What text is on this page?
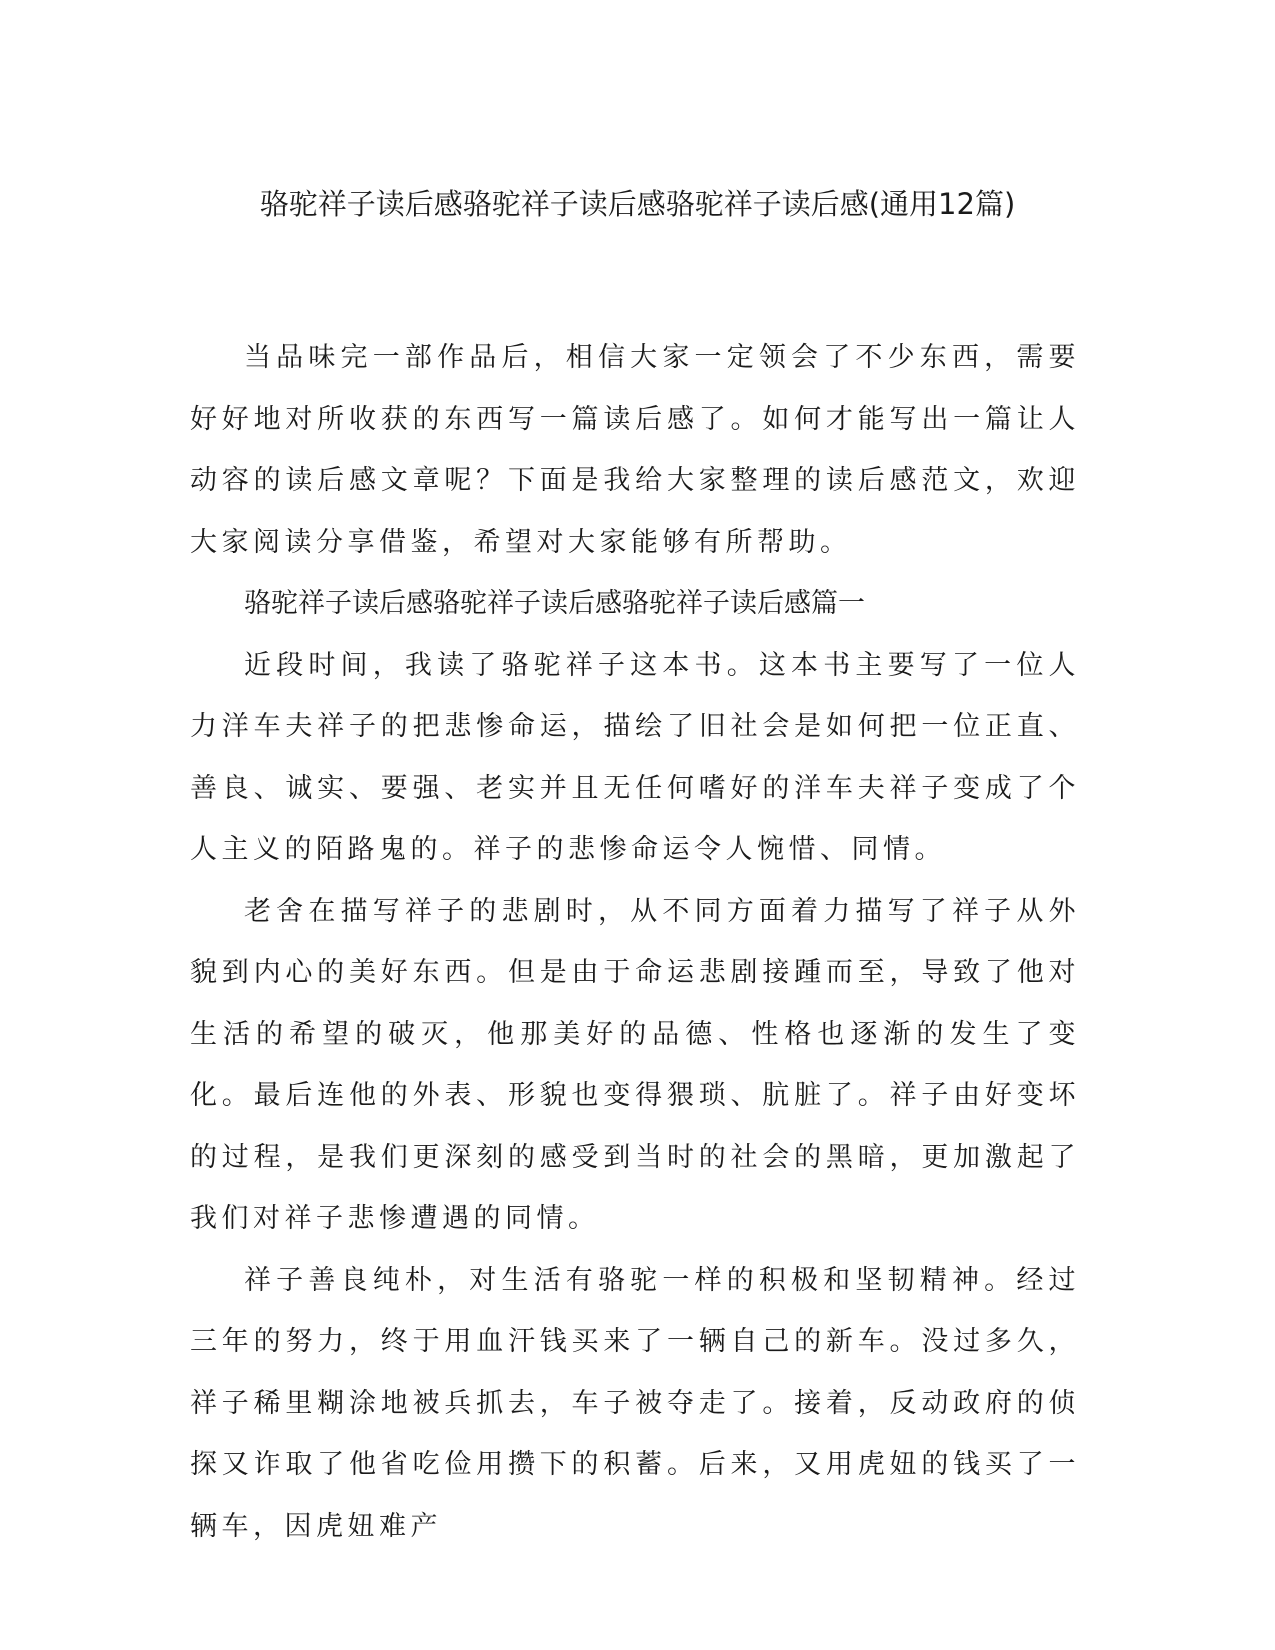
骆驼祥子读后感骆驼祥子读后感骆驼祥子读后感(通用12篇)

当品味完一部作品后，相信大家一定领会了不少东西，需要好好地对所收获的东西写一篇读后感了。如何才能写出一篇让人动容的读后感文章呢？下面是我给大家整理的读后感范文，欢迎大家阅读分享借鉴，希望对大家能够有所帮助。

骆驼祥子读后感骆驼祥子读后感骆驼祥子读后感篇一

近段时间，我读了骆驼祥子这本书。这本书主要写了一位人力洋车夫祥子的把悲惨命运，描绘了旧社会是如何把一位正直、善良、诚实、要强、老实并且无任何嗜好的洋车夫祥子变成了个人主义的陌路鬼的。祥子的悲惨命运令人惋惜、同情。

老舍在描写祥子的悲剧时，从不同方面着力描写了祥子从外貌到内心的美好东西。但是由于命运悲剧接踵而至，导致了他对生活的希望的破灭，他那美好的品德、性格也逐渐的发生了变化。最后连他的外表、形貌也变得猥琐、肮脏了。祥子由好变坏的过程，是我们更深刻的感受到当时的社会的黑暗，更加激起了我们对祥子悲惨遭遇的同情。

祥子善良纯朴，对生活有骆驼一样的积极和坚韧精神。经过三年的努力，终于用血汗钱买来了一辆自己的新车。没过多久，祥子稀里糊涂地被兵抓去，车子被夺走了。接着，反动政府的侦探又诈取了他省吃俭用攒下的积蓄。后来，又用虎妞的钱买了一辆车，因虎妞难产
